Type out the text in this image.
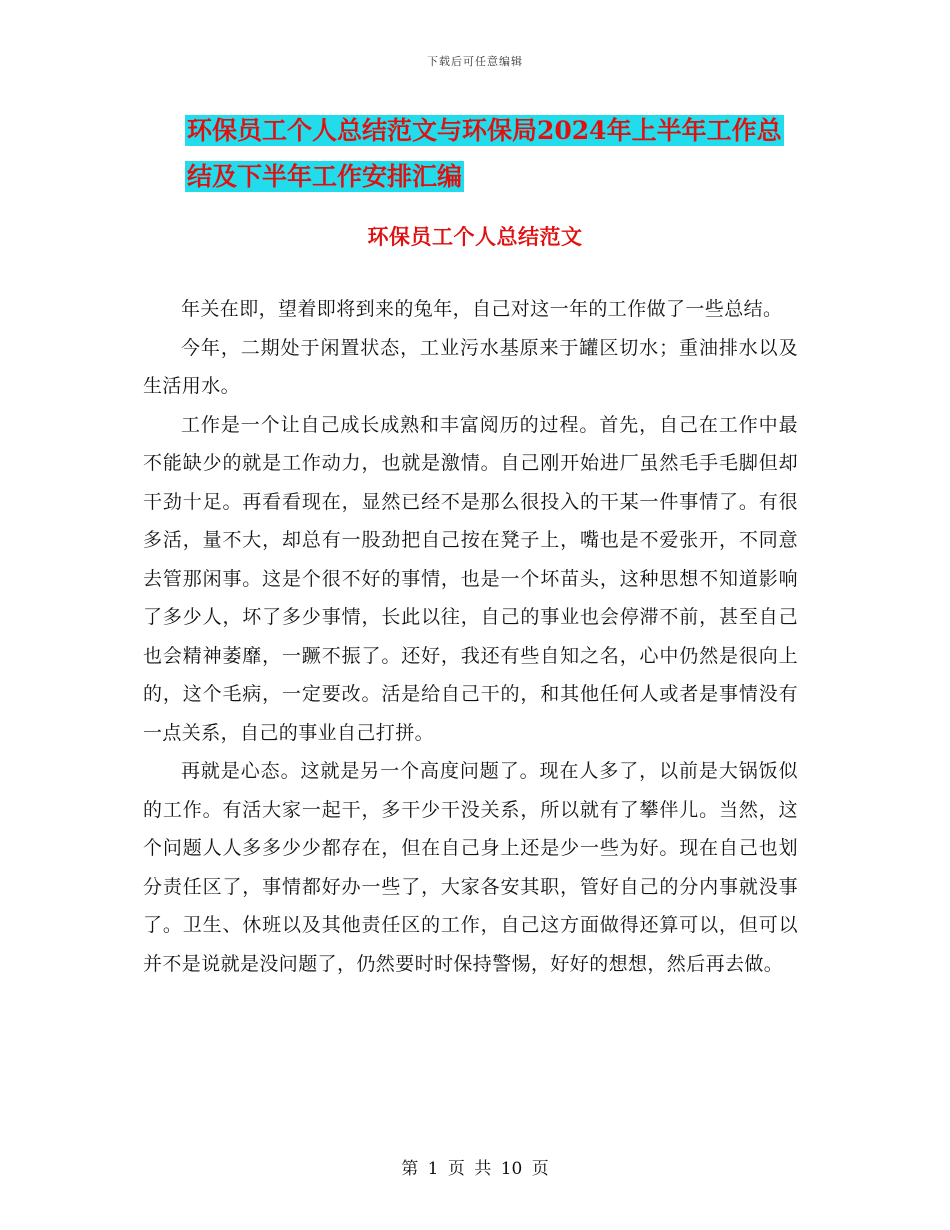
下载后可任意编辑
环保员工个人总结范文与环保局2024年上半年工作总
结及下半年工作安排汇编
环保员工个人总结范文

年关在即，望着即将到来的兔年，自己对这一年的工作做了一些总结。

今年，二期处于闲置状态，工业污水基原来于罐区切水；重油排水以及生活用水。

工作是一个让自己成长成熟和丰富阅历的过程。首先，自己在工作中最不能缺少的就是工作动力，也就是激情。自己刚开始进厂虽然毛手毛脚但却干劲十足。再看看现在，显然已经不是那么很投入的干某一件事情了。有很多活，量不大，却总有一股劲把自己按在凳子上，嘴也是不爱张开，不同意去管那闲事。这是个很不好的事情，也是一个坏苗头，这种思想不知道影响了多少人，坏了多少事情，长此以往，自己的事业也会停滞不前，甚至自己也会精神萎靡，一蹶不振了。还好，我还有些自知之名，心中仍然是很向上的，这个毛病，一定要改。活是给自己干的，和其他任何人或者是事情没有一点关系，自己的事业自己打拼。

再就是心态。这就是另一个高度问题了。现在人多了，以前是大锅饭似的工作。有活大家一起干，多干少干没关系，所以就有了攀伴儿。当然，这个问题人人多多少少都存在，但在自己身上还是少一些为好。现在自己也划分责任区了，事情都好办一些了，大家各安其职，管好自己的分内事就没事了。卫生、休班以及其他责任区的工作，自己这方面做得还算可以，但可以并不是说就是没问题了，仍然要时时保持警惕，好好的想想，然后再去做。

第 1 页 共 10 页
